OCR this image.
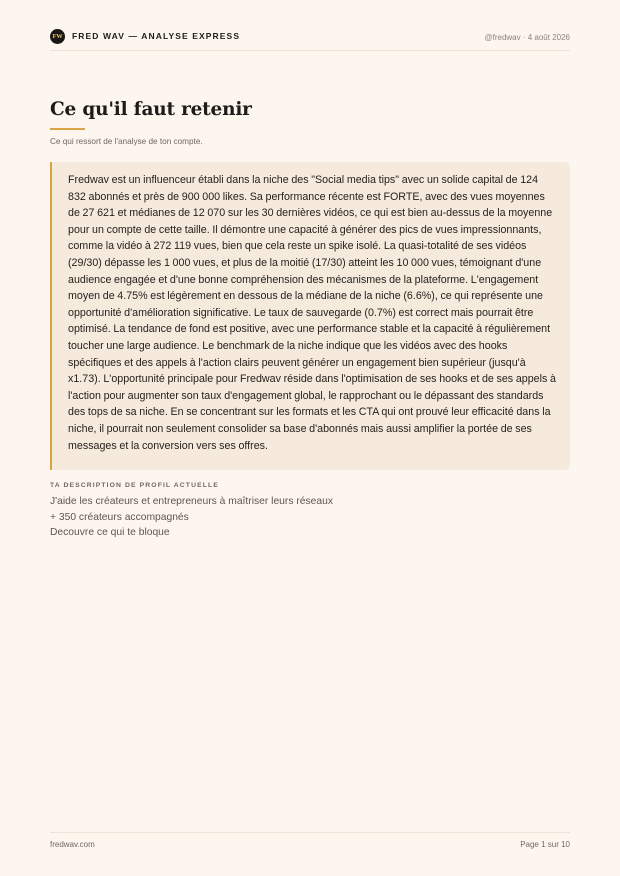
FW FRED WAV — ANALYSE EXPRESS	@fredwav · 4 août 2026
Ce qu'il faut retenir
Ce qui ressort de l'analyse de ton compte.

Fredwav est un influenceur établi dans la niche des "Social media tips" avec un solide capital de 124 832 abonnés et près de 900 000 likes. Sa performance récente est FORTE, avec des vues moyennes de 27 621 et médianes de 12 070 sur les 30 dernières vidéos, ce qui est bien au-dessus de la moyenne pour un compte de cette taille. Il démontre une capacité à générer des pics de vues impressionnants, comme la vidéo à 272 119 vues, bien que cela reste un spike isolé. La quasi-totalité de ses vidéos (29/30) dépasse les 1 000 vues, et plus de la moitié (17/30) atteint les 10 000 vues, témoignant d'une audience engagée et d'une bonne compréhension des mécanismes de la plateforme. L'engagement moyen de 4.75% est légèrement en dessous de la médiane de la niche (6.6%), ce qui représente une opportunité d'amélioration significative. Le taux de sauvegarde (0.7%) est correct mais pourrait être optimisé. La tendance de fond est positive, avec une performance stable et la capacité à régulièrement toucher une large audience. Le benchmark de la niche indique que les vidéos avec des hooks spécifiques et des appels à l'action clairs peuvent générer un engagement bien supérieur (jusqu'à x1.73). L'opportunité principale pour Fredwav réside dans l'optimisation de ses hooks et de ses appels à l'action pour augmenter son taux d'engagement global, le rapprochant ou le dépassant des standards des tops de sa niche. En se concentrant sur les formats et les CTA qui ont prouvé leur efficacité dans la niche, il pourrait non seulement consolider sa base d'abonnés mais aussi amplifier la portée de ses messages et la conversion vers ses offres.

TA DESCRIPTION DE PROFIL ACTUELLE
J'aide les créateurs et entrepreneurs à maîtriser leurs réseaux
+ 350 créateurs accompagnés
Decouvre ce qui te bloque
fredwav.com	Page 1 sur 10
